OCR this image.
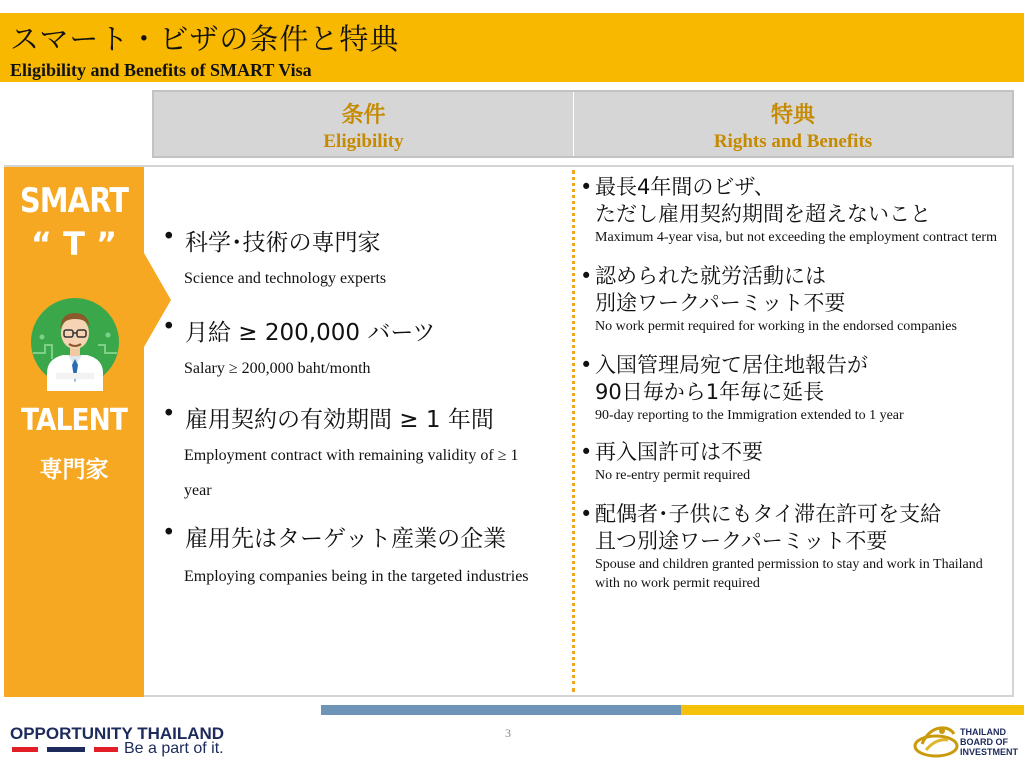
スマート・ビザの条件と特典
Eligibility and Benefits of SMART Visa
条件
Eligibility
特典
Rights and Benefits
SMART
“ T ”
TALENT
専門家
• 科学･技術の専門家
Science and technology experts
• 月給 ≥ 200,000 バーツ
Salary ≥ 200,000 baht/month
• 雇用契約の有効期間 ≥ 1 年間
Employment contract with remaining validity of ≥ 1 year
• 雇用先はターゲット産業の企業
Employing companies being in the targeted industries
• 最長4年間のビザ、
ただし雇用契約期間を超えないこと
Maximum 4-year visa, but not exceeding the employment contract term
• 認められた就労活動には
別途ワークパーミット不要
No work permit required for working in the endorsed companies
• 入国管理局宛て居住地報告が
90日毎から1年毎に延長
90-day reporting to the Immigration extended to 1 year
• 再入国許可は不要
No re-entry permit required
• 配偶者･子供にもタイ滞在許可を支給
且つ別途ワークパーミット不要
Spouse and children granted permission to stay and work in Thailand with no work permit required
OPPORTUNITY THAILAND
Be a part of it.
3	THAILAND
BOARD OF
INVESTMENT
